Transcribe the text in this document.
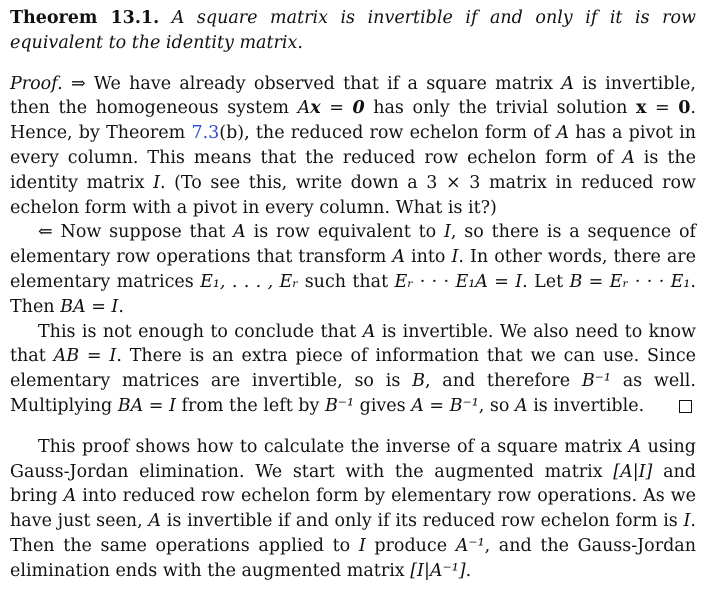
Theorem 13.1. A square matrix is invertible if and only if it is row equivalent to the identity matrix.

Proof. ⇒ We have already observed that if a square matrix A is invertible, then the homogeneous system Ax = 0 has only the trivial solution x = 0. Hence, by Theorem 7.3(b), the reduced row echelon form of A has a pivot in every column. This means that the reduced row echelon form of A is the identity matrix I. (To see this, write down a 3 × 3 matrix in reduced row echelon form with a pivot in every column. What is it?)

⇐ Now suppose that A is row equivalent to I, so there is a sequence of elementary row operations that transform A into I. In other words, there are elementary matrices E₁, . . . , Eᵣ such that Eᵣ · · · E₁A = I. Let B = Eᵣ · · · E₁. Then BA = I.

This is not enough to conclude that A is invertible. We also need to know that AB = I. There is an extra piece of information that we can use. Since elementary matrices are invertible, so is B, and therefore B⁻¹ as well. Multiplying BA = I from the left by B⁻¹ gives A = B⁻¹, so A is invertible.

This proof shows how to calculate the inverse of a square matrix A using Gauss-Jordan elimination. We start with the augmented matrix [A|I] and bring A into reduced row echelon form by elementary row operations. As we have just seen, A is invertible if and only if its reduced row echelon form is I. Then the same operations applied to I produce A⁻¹, and the Gauss-Jordan elimination ends with the augmented matrix [I|A⁻¹].
